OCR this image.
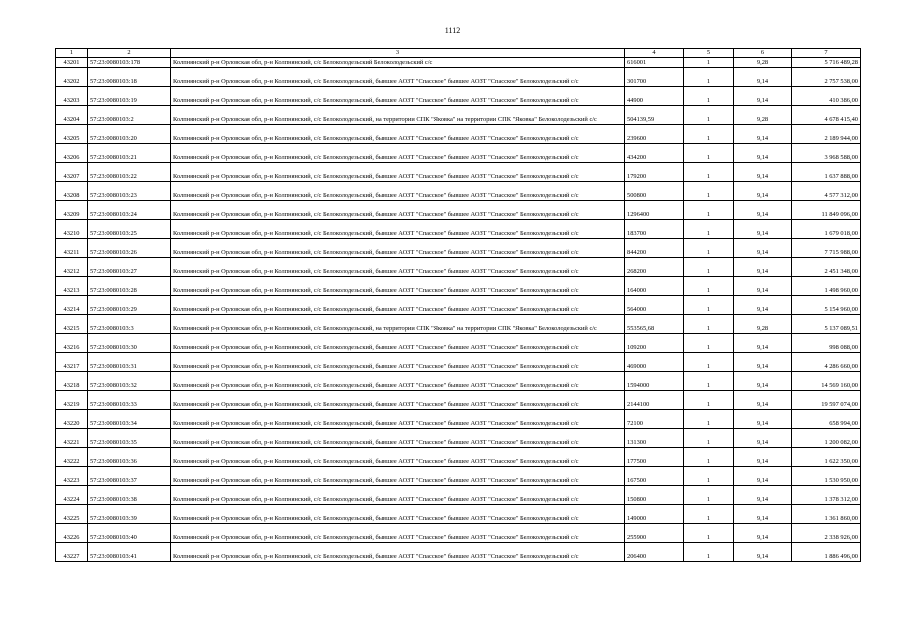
1112
1	2	3	4	5	6	7
43201	57:23:0080103:178	Колпнянский р-н Орловская обл, р-н Колпнянский, с/с Белоколодезьский Белоколодезьский с/с	616001	1	9,28	5 716 489,28
43202	57:23:0080103:18	Колпнянский р-н Орловская обл, р-н Колпнянский, с/с Белоколодезьский, бывшее АОЗТ "Спасское" бывшее АОЗТ "Спасское" Белоколодезьский с/с	301700	1	9,14	2 757 538,00
43203	57:23:0080103:19	Колпнянский р-н Орловская обл, р-н Колпнянский, с/с Белоколодезьский, бывшее АОЗТ "Спасское" бывшее АОЗТ "Спасское" Белоколодезьский с/с	44900	1	9,14	410 386,00
43204	57:23:0080103:2	Колпнянский р-н Орловская обл, р-н Колпнянский, с/с Белоколодезьский, на территории СПК "Яковка" на территории СПК "Яковка" Белоколодезьский с/с	504139,59	1	9,28	4 678 415,40
43205	57:23:0080103:20	Колпнянский р-н Орловская обл, р-н Колпнянский, с/с Белоколодезьский, бывшее АОЗТ "Спасское" бывшее АОЗТ "Спасское" Белоколодезьский с/с	239600	1	9,14	2 189 944,00
43206	57:23:0080103:21	Колпнянский р-н Орловская обл, р-н Колпнянский, с/с Белоколодезьский, бывшее АОЗТ "Спасское" бывшее АОЗТ "Спасское" Белоколодезьский с/с	434200	1	9,14	3 968 588,00
43207	57:23:0080103:22	Колпнянский р-н Орловская обл, р-н Колпнянский, с/с Белоколодезьский, бывшее АОЗТ "Спасское" бывшее АОЗТ "Спасское" Белоколодезьский с/с	179200	1	9,14	1 637 888,00
43208	57:23:0080103:23	Колпнянский р-н Орловская обл, р-н Колпнянский, с/с Белоколодезьский, бывшее АОЗТ "Спасское" бывшее АОЗТ "Спасское" Белоколодезьский с/с	500800	1	9,14	4 577 312,00
43209	57:23:0080103:24	Колпнянский р-н Орловская обл, р-н Колпнянский, с/с Белоколодезьский, бывшее АОЗТ "Спасское" бывшее АОЗТ "Спасское" Белоколодезьский с/с	1296400	1	9,14	11 849 096,00
43210	57:23:0080103:25	Колпнянский р-н Орловская обл, р-н Колпнянский, с/с Белоколодезьский, бывшее АОЗТ "Спасское" бывшее АОЗТ "Спасское" Белоколодезьский с/с	183700	1	9,14	1 679 018,00
43211	57:23:0080103:26	Колпнянский р-н Орловская обл, р-н Колпнянский, с/с Белоколодезьский, бывшее АОЗТ "Спасское" бывшее АОЗТ "Спасское" Белоколодезьский с/с	844200	1	9,14	7 715 988,00
43212	57:23:0080103:27	Колпнянский р-н Орловская обл, р-н Колпнянский, с/с Белоколодезьский, бывшее АОЗТ "Спасское" бывшее АОЗТ "Спасское" Белоколодезьский с/с	268200	1	9,14	2 451 348,00
43213	57:23:0080103:28	Колпнянский р-н Орловская обл, р-н Колпнянский, с/с Белоколодезьский, бывшее АОЗТ "Спасское" бывшее АОЗТ "Спасское" Белоколодезьский с/с	164000	1	9,14	1 498 960,00
43214	57:23:0080103:29	Колпнянский р-н Орловская обл, р-н Колпнянский, с/с Белоколодезьский, бывшее АОЗТ "Спасское" бывшее АОЗТ "Спасское" Белоколодезьский с/с	564000	1	9,14	5 154 960,00
43215	57:23:0080103:3	Колпнянский р-н Орловская обл, р-н Колпнянский, с/с Белоколодезьский, на территории СПК "Яковка" на территории СПК "Яковка" Белоколодезьский с/с	553565,68	1	9,28	5 137 089,51
43216	57:23:0080103:30	Колпнянский р-н Орловская обл, р-н Колпнянский, с/с Белоколодезьский, бывшее АОЗТ "Спасское" бывшее АОЗТ "Спасское" Белоколодезьский с/с	109200	1	9,14	998 088,00
43217	57:23:0080103:31	Колпнянский р-н Орловская обл, р-н Колпнянский, с/с Белоколодезьский, бывшее АОЗТ "Спасское" бывшее АОЗТ "Спасское" Белоколодезьский с/с	469000	1	9,14	4 286 660,00
43218	57:23:0080103:32	Колпнянский р-н Орловская обл, р-н Колпнянский, с/с Белоколодезьский, бывшее АОЗТ "Спасское" бывшее АОЗТ "Спасское" Белоколодезьский с/с	1594000	1	9,14	14 569 160,00
43219	57:23:0080103:33	Колпнянский р-н Орловская обл, р-н Колпнянский, с/с Белоколодезьский, бывшее АОЗТ "Спасское" бывшее АОЗТ "Спасское" Белоколодезьский с/с	2144100	1	9,14	19 597 074,00
43220	57:23:0080103:34	Колпнянский р-н Орловская обл, р-н Колпнянский, с/с Белоколодезьский, бывшее АОЗТ "Спасское" бывшее АОЗТ "Спасское" Белоколодезьский с/с	72100	1	9,14	658 994,00
43221	57:23:0080103:35	Колпнянский р-н Орловская обл, р-н Колпнянский, с/с Белоколодезьский, бывшее АОЗТ "Спасское" бывшее АОЗТ "Спасское" Белоколодезьский с/с	131300	1	9,14	1 200 082,00
43222	57:23:0080103:36	Колпнянский р-н Орловская обл, р-н Колпнянский, с/с Белоколодезьский, бывшее АОЗТ "Спасское" бывшее АОЗТ "Спасское" Белоколодезьский с/с	177500	1	9,14	1 622 350,00
43223	57:23:0080103:37	Колпнянский р-н Орловская обл, р-н Колпнянский, с/с Белоколодезьский, бывшее АОЗТ "Спасское" бывшее АОЗТ "Спасское" Белоколодезьский с/с	167500	1	9,14	1 530 950,00
43224	57:23:0080103:38	Колпнянский р-н Орловская обл, р-н Колпнянский, с/с Белоколодезьский, бывшее АОЗТ "Спасское" бывшее АОЗТ "Спасское" Белоколодезьский с/с	150800	1	9,14	1 378 312,00
43225	57:23:0080103:39	Колпнянский р-н Орловская обл, р-н Колпнянский, с/с Белоколодезьский, бывшее АОЗТ "Спасское" бывшее АОЗТ "Спасское" Белоколодезьский с/с	149000	1	9,14	1 361 860,00
43226	57:23:0080103:40	Колпнянский р-н Орловская обл, р-н Колпнянский, с/с Белоколодезьский, бывшее АОЗТ "Спасское" бывшее АОЗТ "Спасское" Белоколодезьский с/с	255900	1	9,14	2 338 926,00
43227	57:23:0080103:41	Колпнянский р-н Орловская обл, р-н Колпнянский, с/с Белоколодезьский, бывшее АОЗТ "Спасское" бывшее АОЗТ "Спасское" Белоколодезьский с/с	206400	1	9,14	1 886 496,00
